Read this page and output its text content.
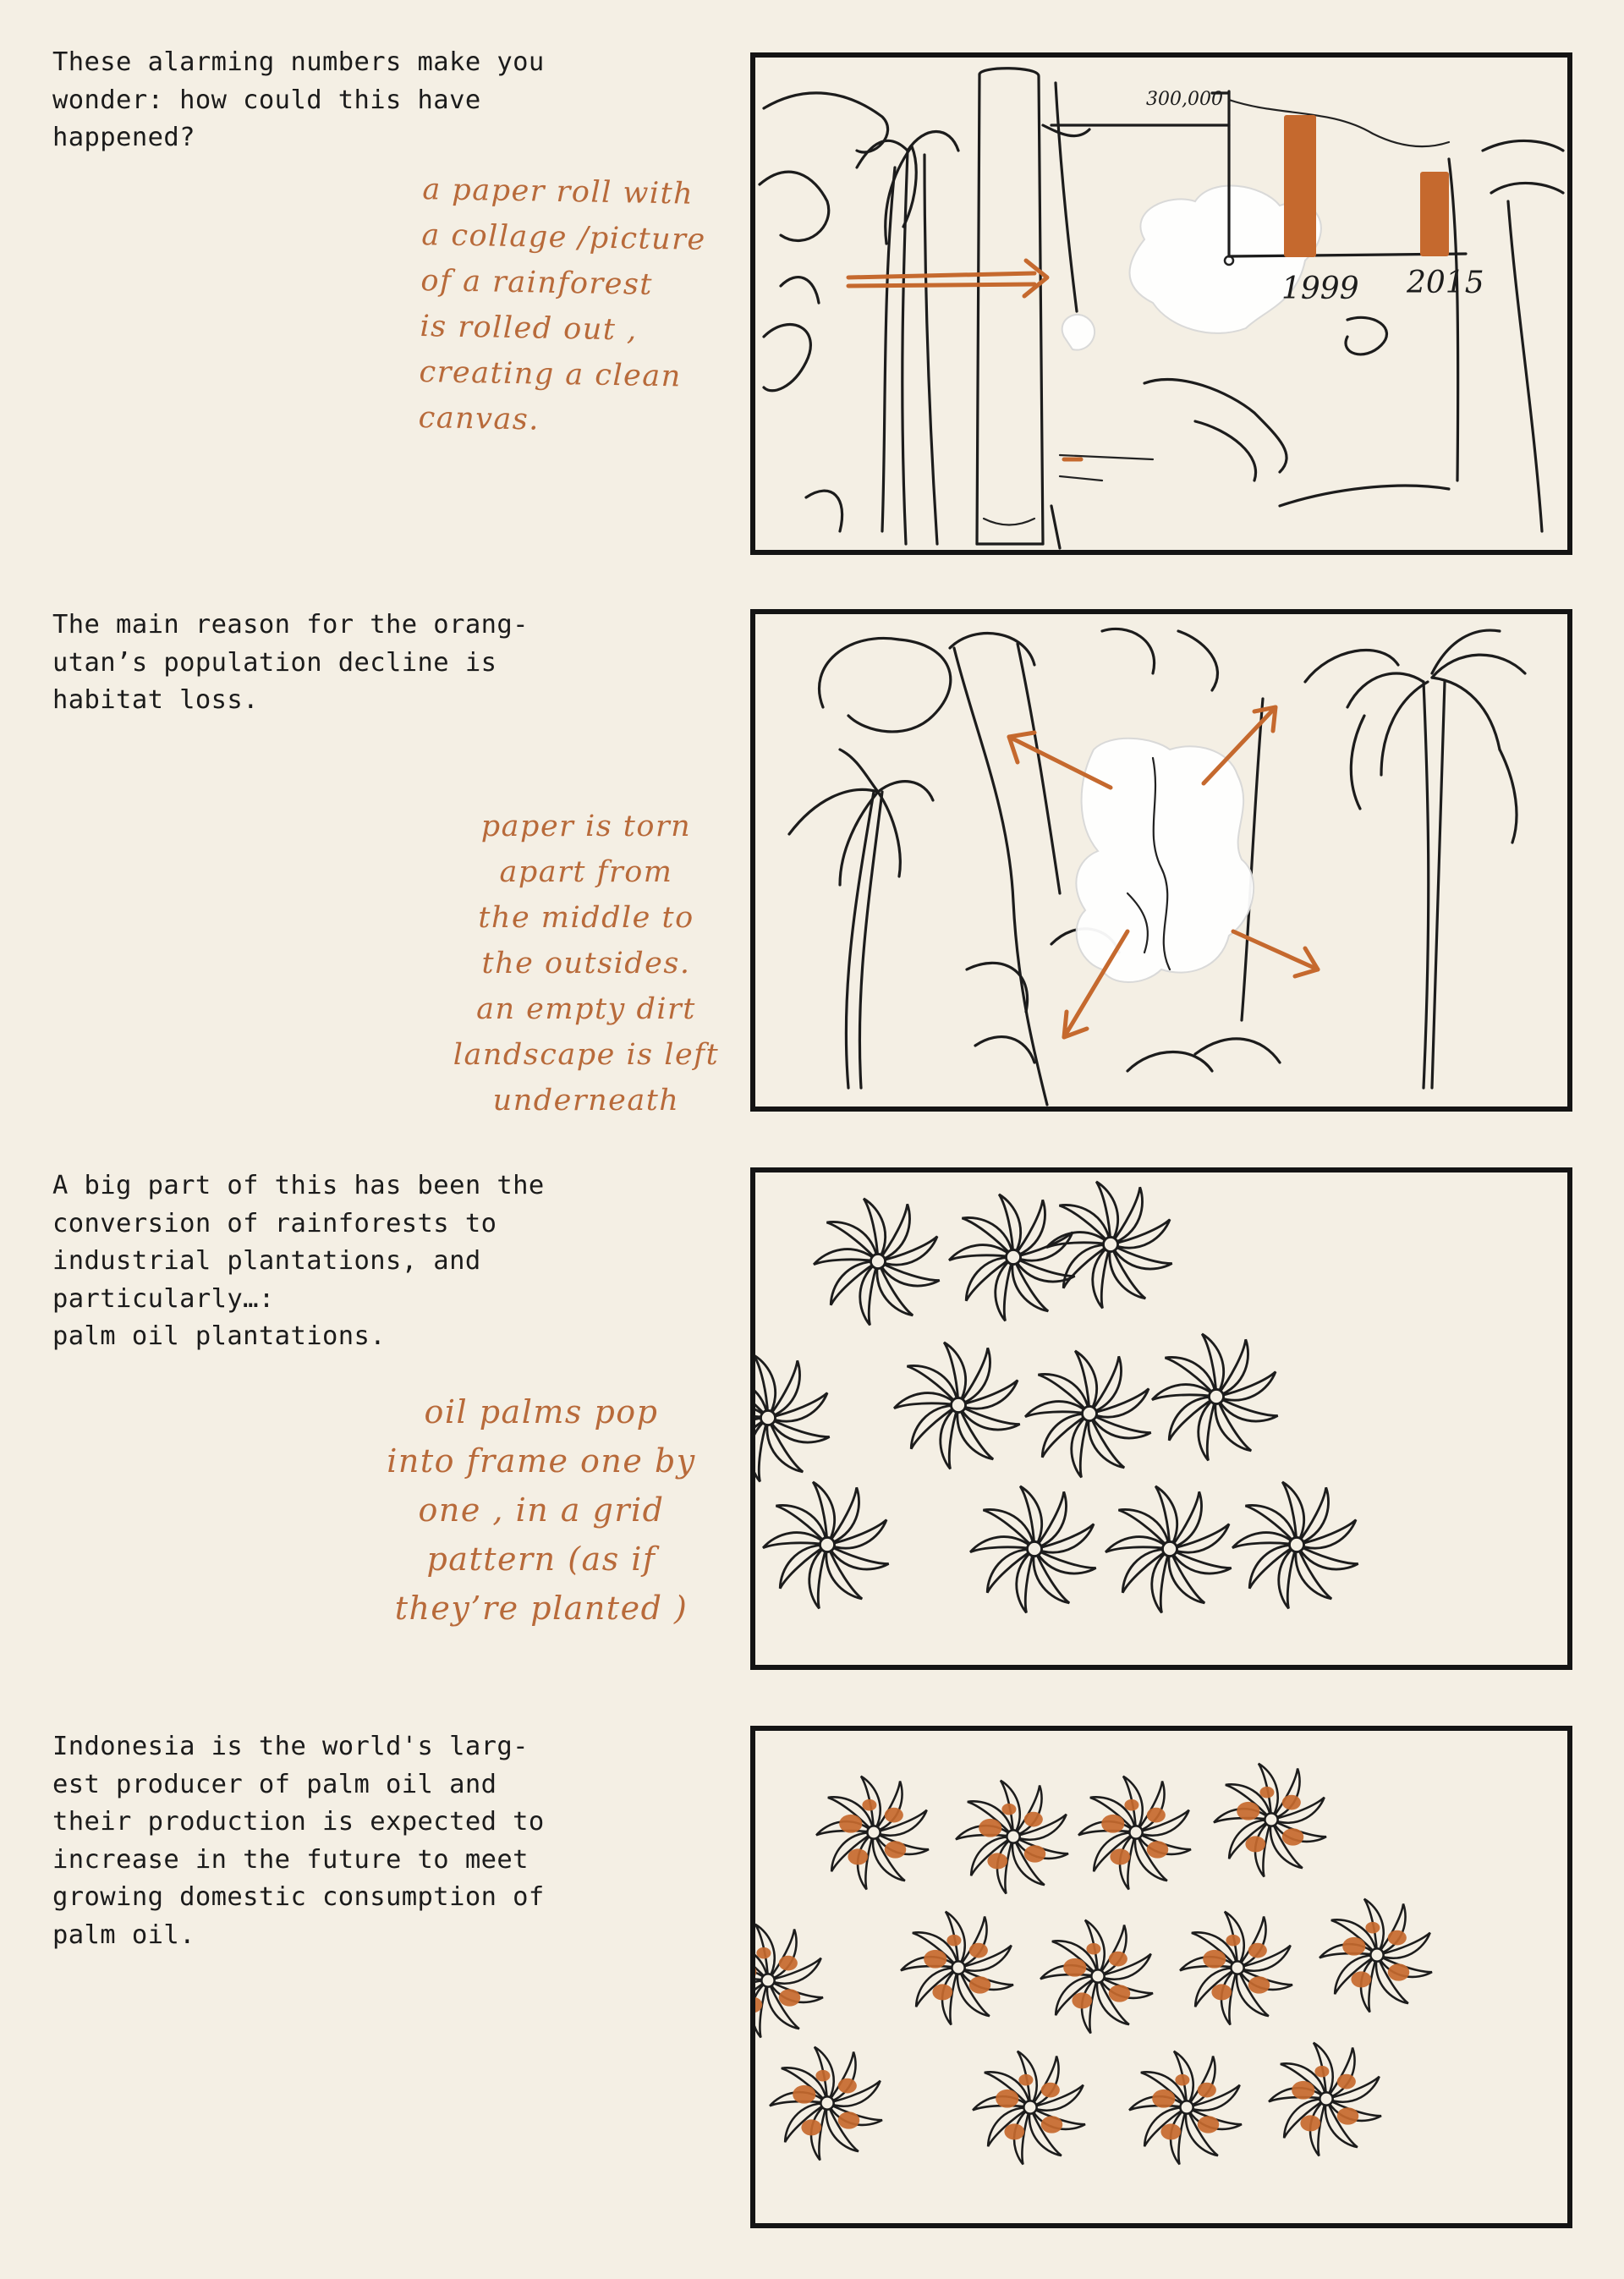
These alarming numbers make you
wonder: how could this have
happened?
a paper roll with
a collage /picture
of a rainforest
is rolled out ,
creating a clean
canvas.
300,000
1999 2015
The main reason for the orang-
utan’s population decline is
habitat loss.
paper is torn
apart from
the middle to
the outsides.
an empty dirt
landscape is left
underneath
A big part of this has been the
conversion of rainforests to
industrial plantations, and
particularly…:
palm oil plantations.
oil palms pop
into frame one by
one , in a grid
pattern (as if
they’re planted )
Indonesia is the world's larg-
est producer of palm oil and
their production is expected to
increase in the future to meet
growing domestic consumption of
palm oil.
